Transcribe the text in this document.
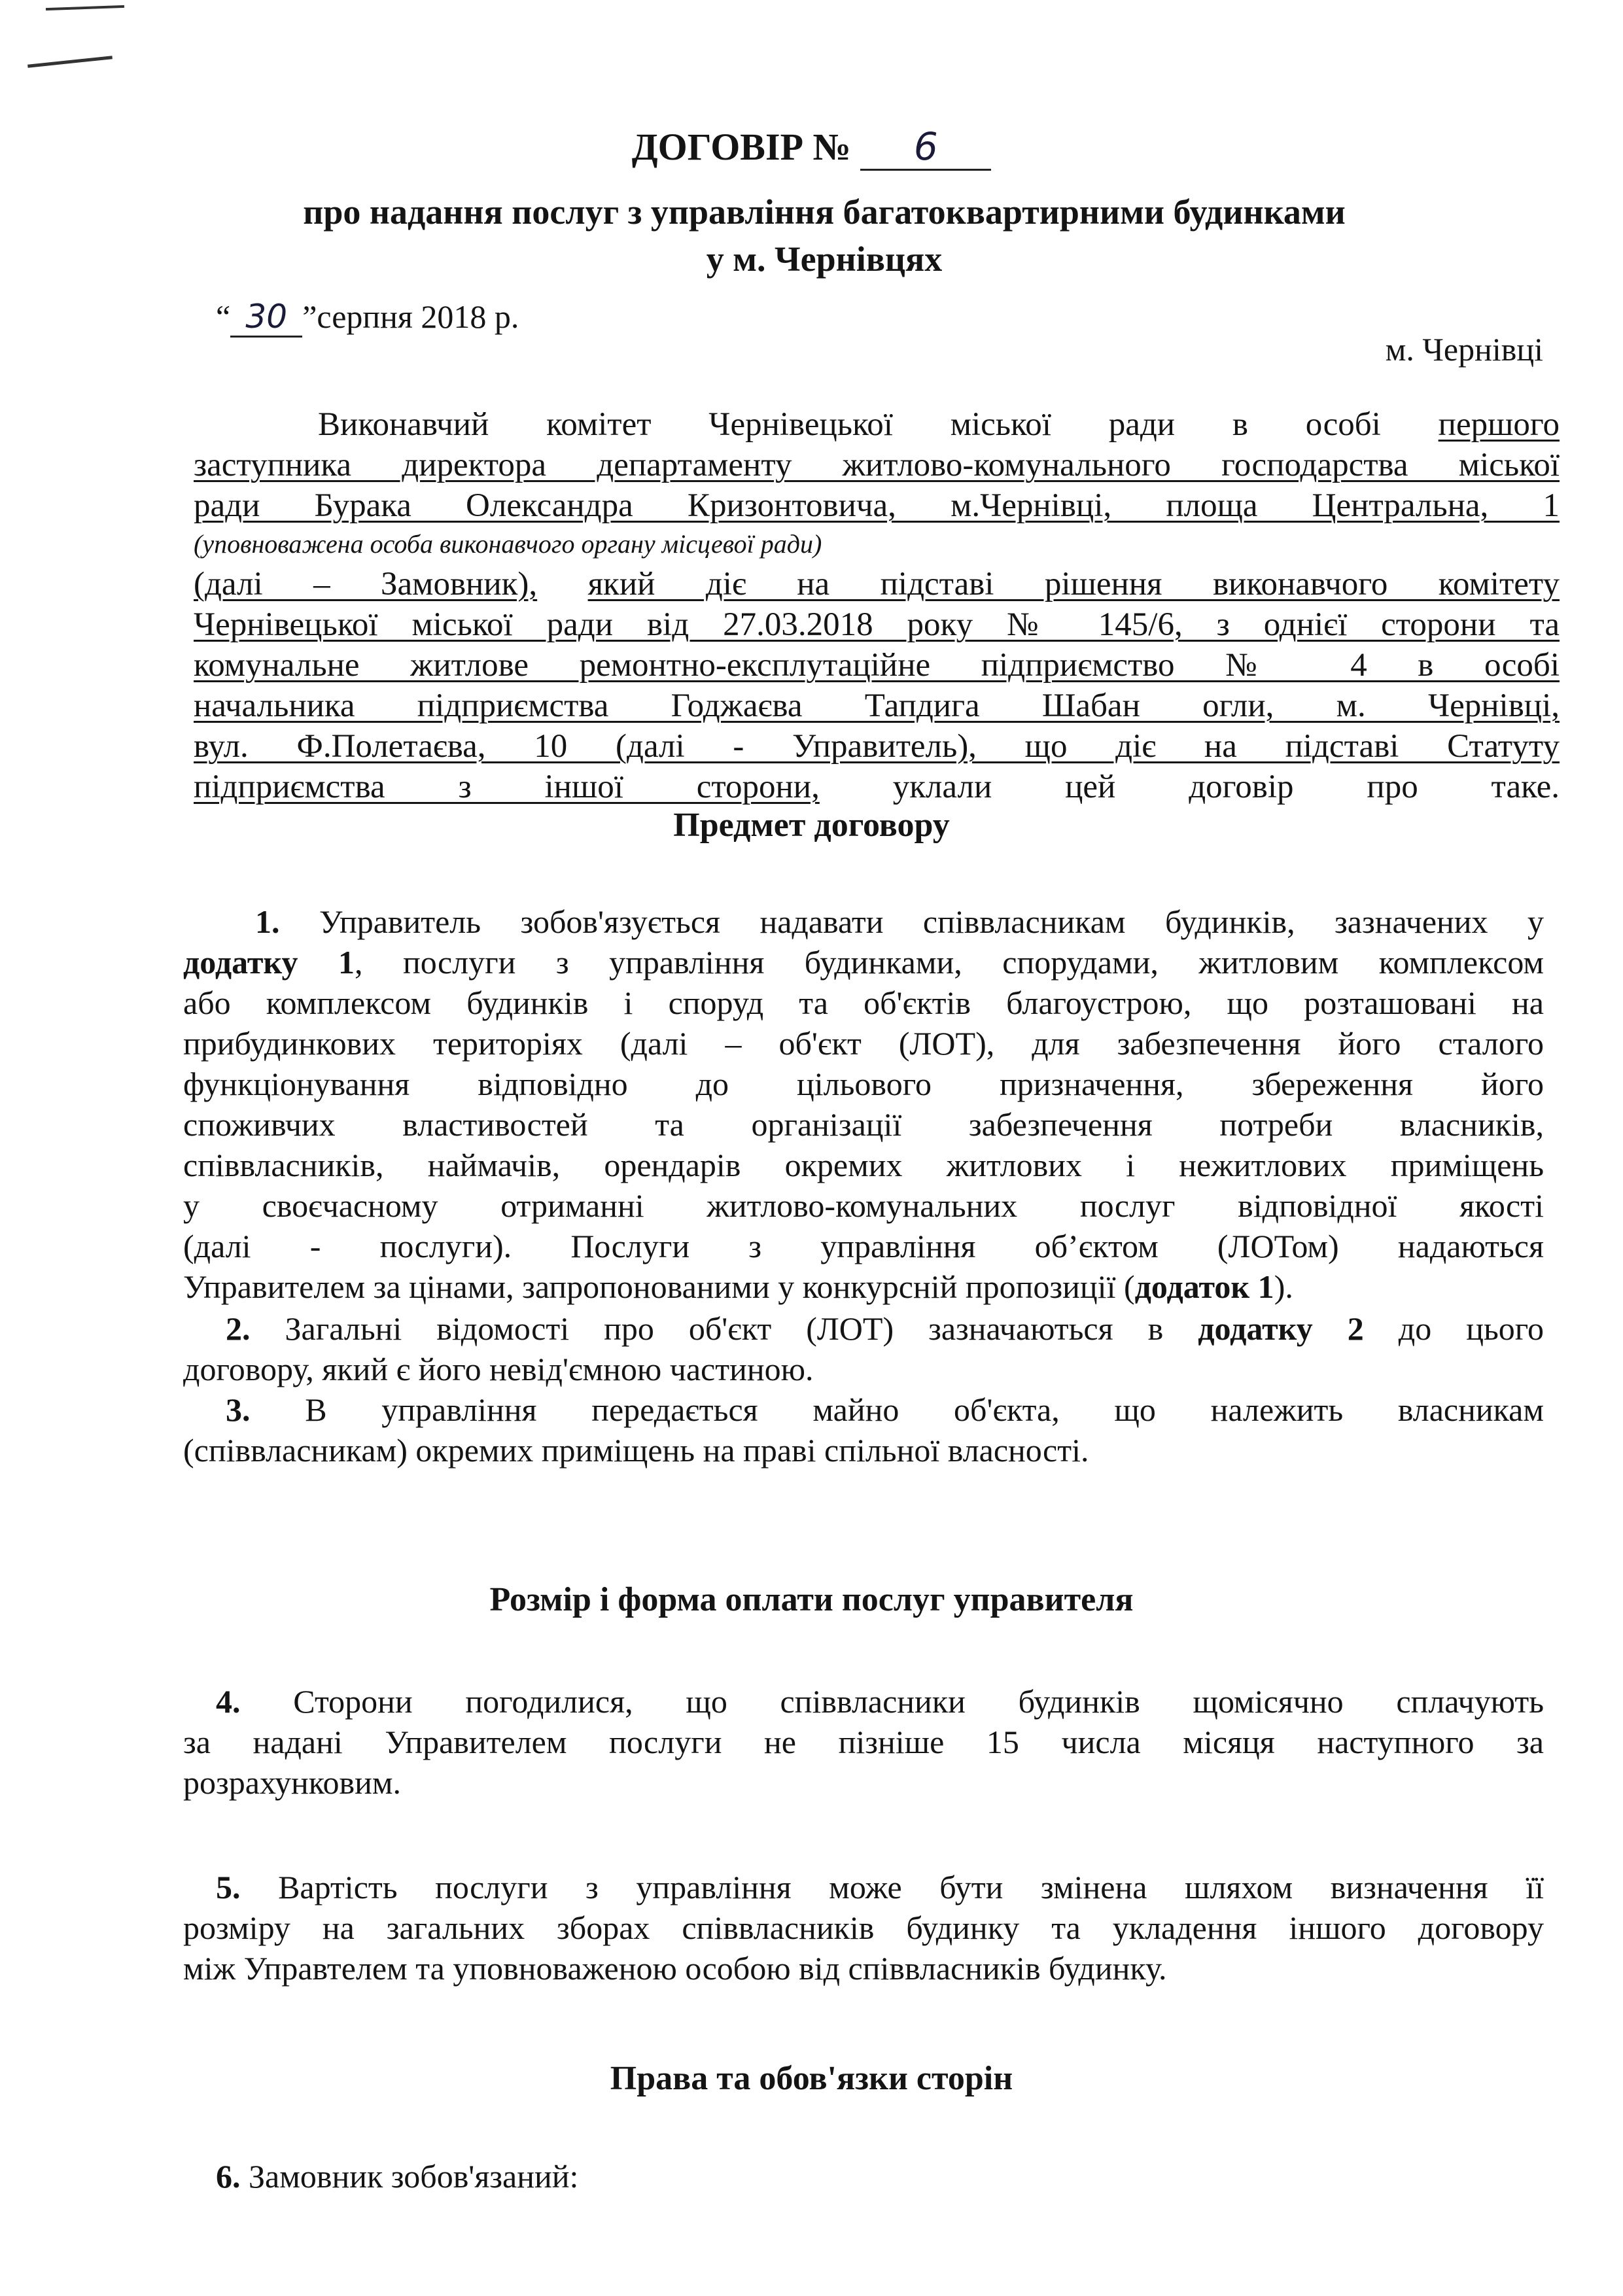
ДОГОВІР № 6
про надання послуг з управління багатоквартирними будинками
у м. Чернівцях
“ 30 ”серпня 2018 р.
м. Чернівці
Виконавчий комітет Чернівецької міської ради в особі першого
заступника директора департаменту житлово-комунального господарства міської
ради Бурака Олександра Кризонтовича, м.Чернівці, площа Центральна, 1
(уповноважена особа виконавчого органу місцевої ради)
(далі – Замовник), який діє на підставі рішення виконавчого комітету
Чернівецької міської ради від 27.03.2018 року № 145/6, з однієї сторони та
комунальне житлове ремонтно-експлутаційне підприємство № 4 в особі
начальника підприємства Годжаєва Тапдига Шабан огли, м. Чернівці,
вул. Ф.Полетаєва, 10 (далі - Управитель), що діє на підставі Статуту
підприємства з іншої сторони, уклали цей договір про таке.
Предмет договору
1. Управитель зобов'язується надавати співвласникам будинків, зазначених у
додатку 1, послуги з управління будинками, спорудами, житловим комплексом
або комплексом будинків і споруд та об'єктів благоустрою, що розташовані на
прибудинкових територіях (далі – об'єкт (ЛОТ), для забезпечення його сталого
функціонування відповідно до цільового призначення, збереження його
споживчих властивостей та організації забезпечення потреби власників,
співвласників, наймачів, орендарів окремих житлових і нежитлових приміщень
у своєчасному отриманні житлово-комунальних послуг відповідної якості
(далі - послуги). Послуги з управління об’єктом (ЛОТом) надаються
Управителем за цінами, запропонованими у конкурсній пропозиції (додаток 1).
2. Загальні відомості про об'єкт (ЛОТ) зазначаються в додатку 2 до цього
договору, який є його невід'ємною частиною.
3. В управління передається майно об'єкта, що належить власникам
(співвласникам) окремих приміщень на праві спільної власності.
Розмір і форма оплати послуг управителя
4. Сторони погодилися, що співвласники будинків щомісячно сплачують
за надані Управителем послуги не пізніше 15 числа місяця наступного за
розрахунковим.
5. Вартість послуги з управління може бути змінена шляхом визначення її
розміру на загальних зборах співвласників будинку та укладення іншого договору
між Управтелем та уповноваженою особою від співвласників будинку.
Права та обов'язки сторін
6. Замовник зобов'язаний:
